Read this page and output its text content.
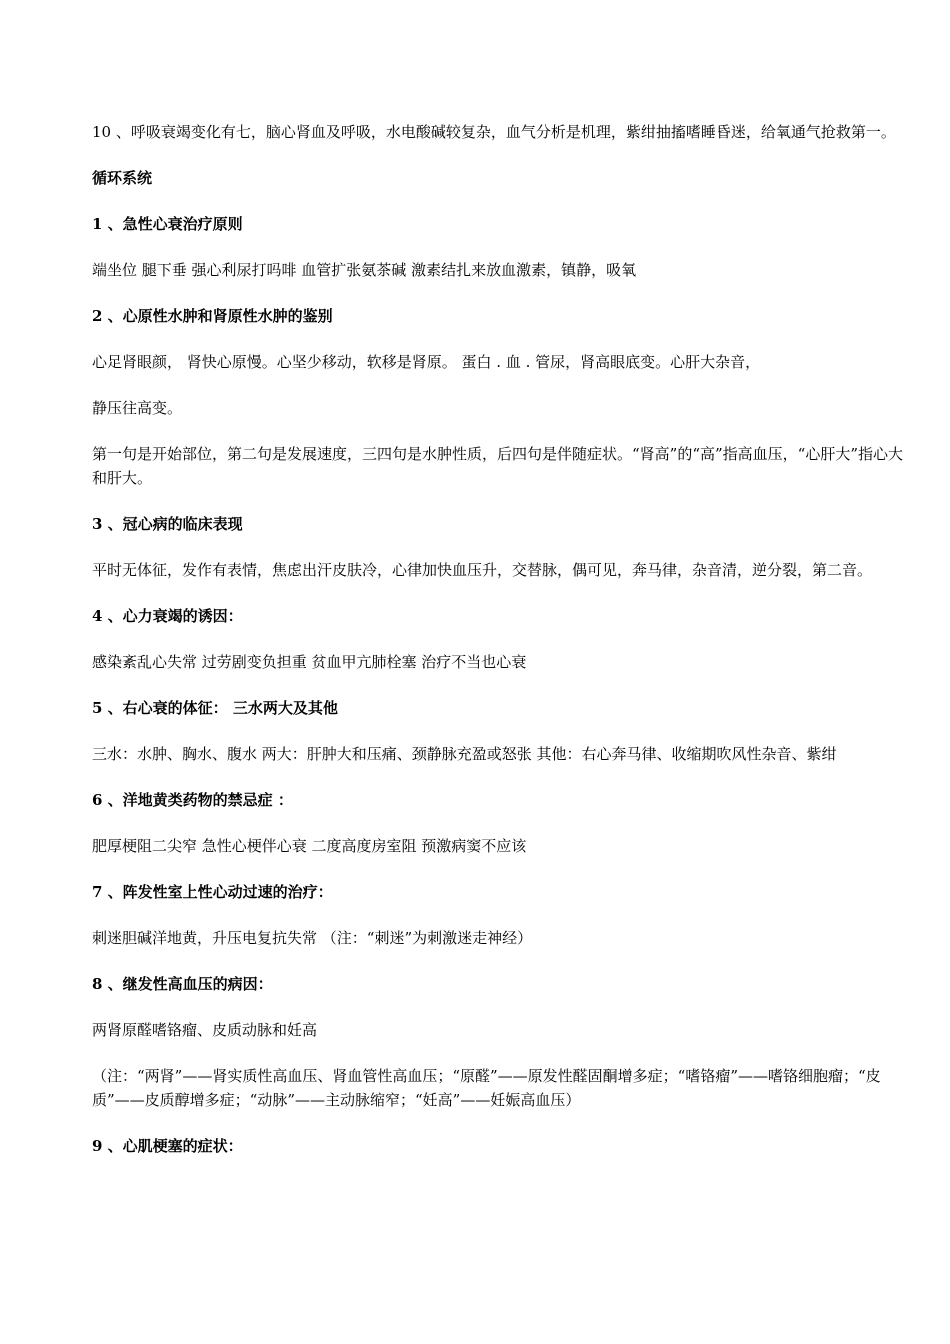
10 、呼吸衰竭变化有七，脑心肾血及呼吸，水电酸碱较复杂，血气分析是机理，紫绀抽搐嗜睡昏迷，给氧通气抢救第一。

循环系统

1 、急性心衰治疗原则

端坐位 腿下垂 强心利尿打吗啡 血管扩张氨茶碱 激素结扎来放血激素，镇静，吸氧

2 、心原性水肿和肾原性水肿的鉴别

心足肾眼颜， 肾快心原慢。心坚少移动，软移是肾原。 蛋白 . 血 . 管尿，肾高眼底变。心肝大杂音，

静压往高变。

第一句是开始部位，第二句是发展速度，三四句是水肿性质，后四句是伴随症状。“肾高”的“高”指高血压，“心肝大”指心大和肝大。

3 、冠心病的临床表现

平时无体征，发作有表情，焦虑出汗皮肤冷，心律加快血压升，交替脉，偶可见，奔马律，杂音清，逆分裂，第二音。

4 、心力衰竭的诱因：

感染紊乱心失常 过劳剧变负担重 贫血甲亢肺栓塞 治疗不当也心衰

5 、右心衰的体征： 三水两大及其他

三水：水肿、胸水、腹水 两大：肝肿大和压痛、颈静脉充盈或怒张 其他：右心奔马律、收缩期吹风性杂音、紫绀

6 、洋地黄类药物的禁忌症 ：

肥厚梗阻二尖窄 急性心梗伴心衰 二度高度房室阻 预激病窦不应该

7 、阵发性室上性心动过速的治疗：

刺迷胆碱洋地黄，升压电复抗失常 （注：“刺迷”为刺激迷走神经）

8 、继发性高血压的病因：

两肾原醛嗜铬瘤、皮质动脉和妊高

（注：“两肾”——肾实质性高血压、肾血管性高血压；“原醛”——原发性醛固酮增多症；“嗜铬瘤”——嗜铬细胞瘤；“皮质”——皮质醇增多症；“动脉”——主动脉缩窄；“妊高”——妊娠高血压）

9 、心肌梗塞的症状：
